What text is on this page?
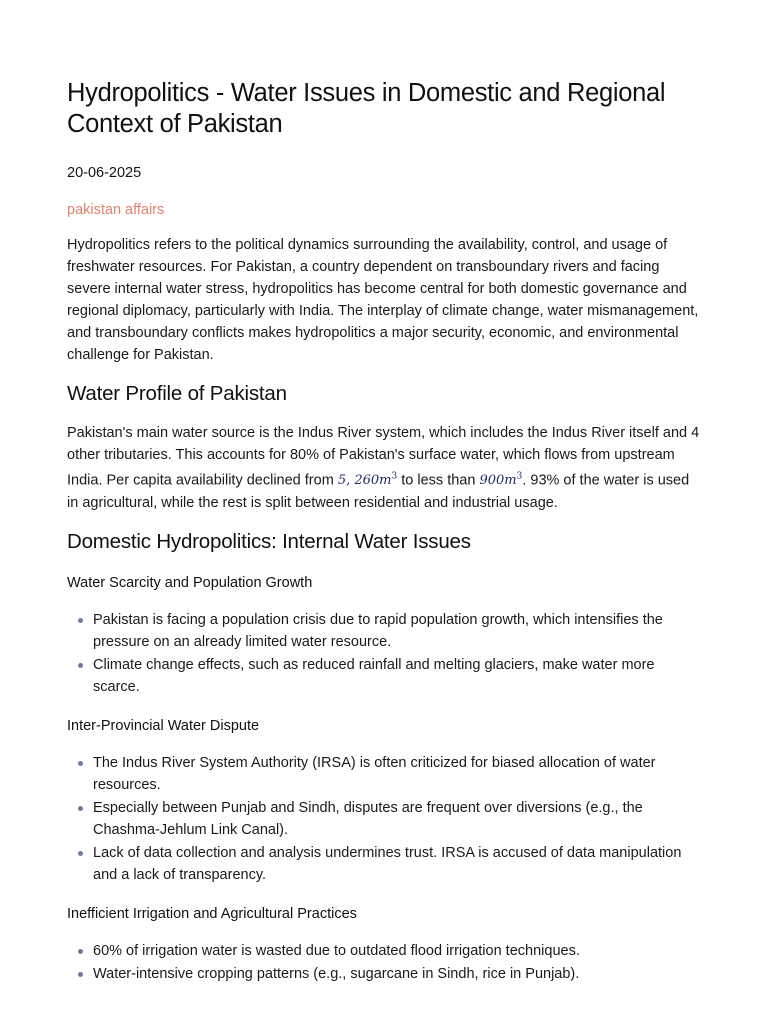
Hydropolitics - Water Issues in Domestic and Regional Context of Pakistan
20-06-2025
pakistan affairs

Hydropolitics refers to the political dynamics surrounding the availability, control, and usage of freshwater resources. For Pakistan, a country dependent on transboundary rivers and facing severe internal water stress, hydropolitics has become central for both domestic governance and regional diplomacy, particularly with India. The interplay of climate change, water mismanagement, and transboundary conflicts makes hydropolitics a major security, economic, and environmental challenge for Pakistan.

Water Profile of Pakistan

Pakistan's main water source is the Indus River system, which includes the Indus River itself and 4 other tributaries. This accounts for 80% of Pakistan's surface water, which flows from upstream India. Per capita availability declined from 5, $260m^3$ to less than $900m^3$. 93% of the water is used in agricultural, while the rest is split between residential and industrial usage.

Domestic Hydropolitics: Internal Water Issues
Water Scarcity and Population Growth
Pakistan is facing a population crisis due to rapid population growth, which intensifies the pressure on an already limited water resource.
Climate change effects, such as reduced rainfall and melting glaciers, make water more scarce.
Inter-Provincial Water Dispute
The Indus River System Authority (IRSA) is often criticized for biased allocation of water resources.
Especially between Punjab and Sindh, disputes are frequent over diversions (e.g., the Chashma-Jehlum Link Canal).
Lack of data collection and analysis undermines trust. IRSA is accused of data manipulation and a lack of transparency.
Inefficient Irrigation and Agricultural Practices
60% of irrigation water is wasted due to outdated flood irrigation techniques.
Water-intensive cropping patterns (e.g., sugarcane in Sindh, rice in Punjab).
